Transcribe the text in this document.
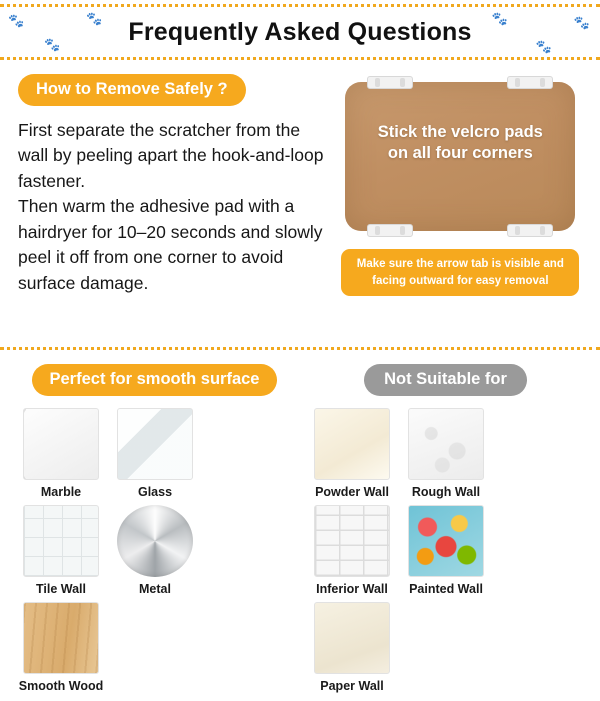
🐾
🐾
🐾	🐾
🐾
🐾
Frequently Asked Questions
How to Remove Safely ?

First separate the scratcher from the wall by peeling apart the hook-and-loop fastener.

Then warm the adhesive pad with a hairdryer for 10–20 seconds and slowly peel it off from one corner to avoid surface damage.

Stick the velcro pads
on all four corners
Make sure the arrow tab is visible and facing outward for easy removal
Perfect for smooth surface
Marble	Glass
Tile Wall	Metal
Smooth Wood
Not Suitable for
Powder Wall	Rough Wall
Inferior Wall	Painted Wall
Paper Wall
